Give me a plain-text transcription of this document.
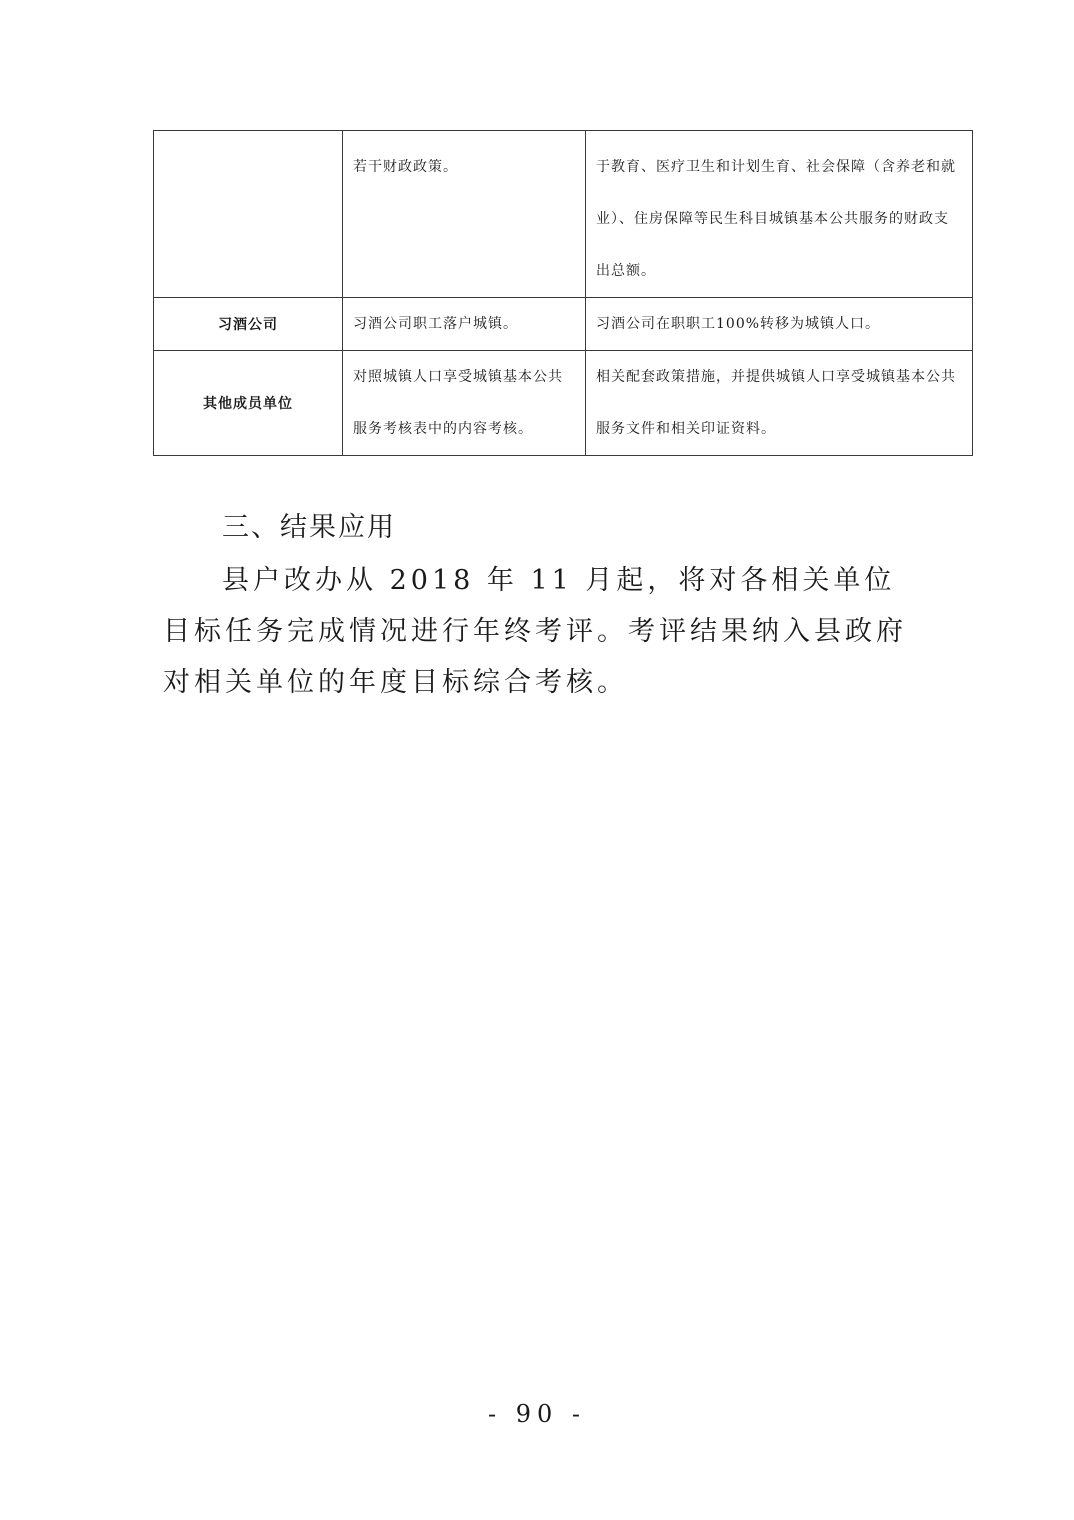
	若干财政政策。	于教育、医疗卫生和计划生育、社会保障（含养老和就业）、住房保障等民生科目城镇基本公共服务的财政支出总额。

习酒公司	习酒公司职工落户城镇。	习酒公司在职职工100%转移为城镇人口。

其他成员单位	对照城镇人口享受城镇基本公共服务考核表中的内容考核。	相关配套政策措施，并提供城镇人口享受城镇基本公共服务文件和相关印证资料。
三、结果应用

县户改办从 2018 年 11 月起，将对各相关单位目标任务完成情况进行年终考评。考评结果纳入县政府对相关单位的年度目标综合考核。

- 90 -
